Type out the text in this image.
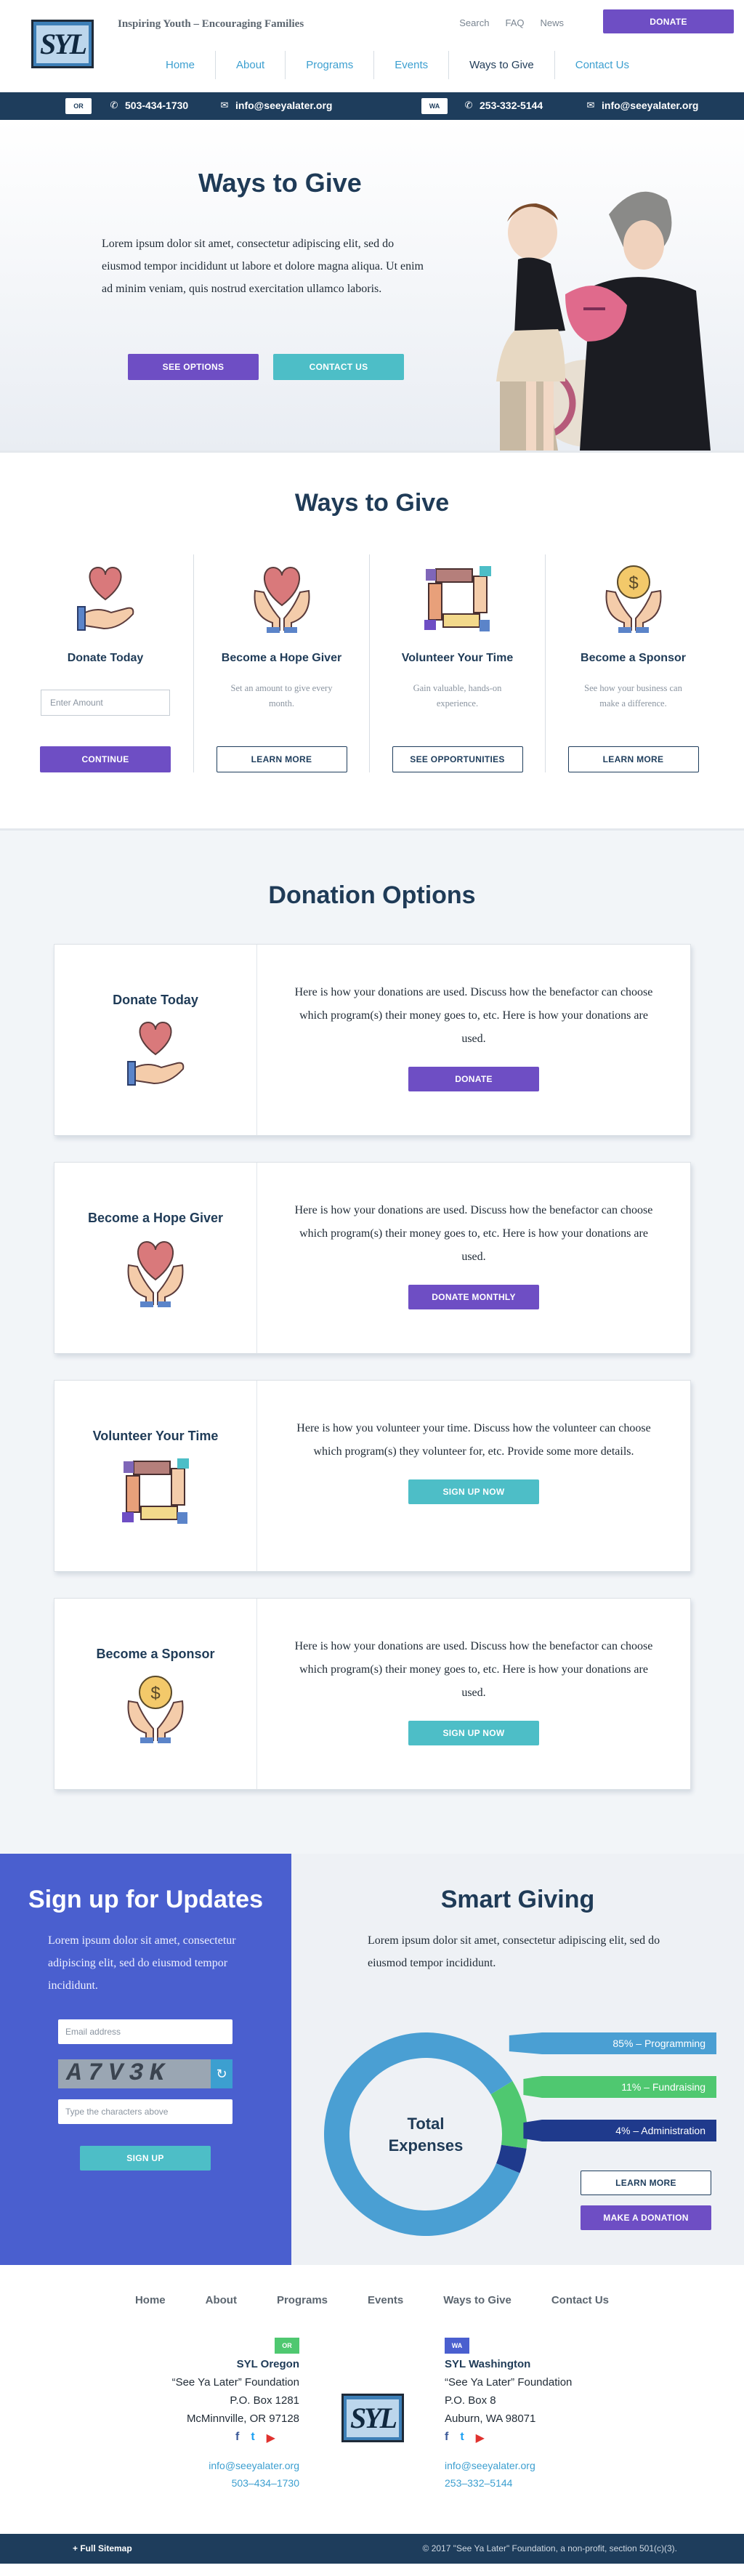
SYL
Inspiring Youth – Encouraging Families	Search FAQ News	DONATE
Home	About	Programs	Events	Ways to Give	Contact Us
OR	✆ 503-434-1730	✉ info@seeyalater.org	WA	✆ 253-332-5144	✉ info@seeyalater.org
Ways to Give

Lorem ipsum dolor sit amet, consectetur adipiscing elit, sed do eiusmod tempor incididunt ut labore et dolore magna aliqua. Ut enim ad minim veniam, quis nostrud exercitation ullamco laboris.

SEE OPTIONS	CONTACT US
Ways to Give
Donate Today
Enter Amount
CONTINUE
Become a Hope Giver
Set an amount to give every month.
LEARN MORE
Volunteer Your Time
Gain valuable, hands-on experience.
SEE OPPORTUNITIES
$
Become a Sponsor
See how your business can make a difference.
LEARN MORE
Donation Options
Donate Today

Here is how your donations are used. Discuss how the benefactor can choose which program(s) their money goes to, etc. Here is how your donations are used.

DONATE
Become a Hope Giver

Here is how your donations are used. Discuss how the benefactor can choose which program(s) their money goes to, etc. Here is how your donations are used.

DONATE MONTHLY
Volunteer Your Time

Here is how you volunteer your time. Discuss how the volunteer can choose which program(s) they volunteer for, etc. Provide some more details.

SIGN UP NOW
Become a Sponsor
$

Here is how your donations are used. Discuss how the benefactor can choose which program(s) their money goes to, etc. Here is how your donations are used.

SIGN UP NOW
Sign up for Updates

Lorem ipsum dolor sit amet, consectetur adipiscing elit, sed do eiusmod tempor incididunt.

Email address
A7V3K	↻
Type the characters above
SIGN UP
Smart Giving

Lorem ipsum dolor sit amet, consectetur adipiscing elit, sed do eiusmod tempor incididunt.

85% – Programming
11% – Fundraising
4% – Administration
Total
Expenses
LEARN MORE
MAKE A DONATION
Home	About	Programs	Events	Ways to Give	Contact Us
OR
SYL Oregon
“See Ya Later” Foundation
P.O. Box 1281
McMinnville, OR 97128
f t ▶
info@seeyalater.org
503–434–1730
SYL
WA
SYL Washington
“See Ya Later” Foundation
P.O. Box 8
Auburn, WA 98071
f t ▶
info@seeyalater.org
253–332–5144
+ Full Sitemap	© 2017 "See Ya Later" Foundation, a non-profit, section 501(c)(3).
